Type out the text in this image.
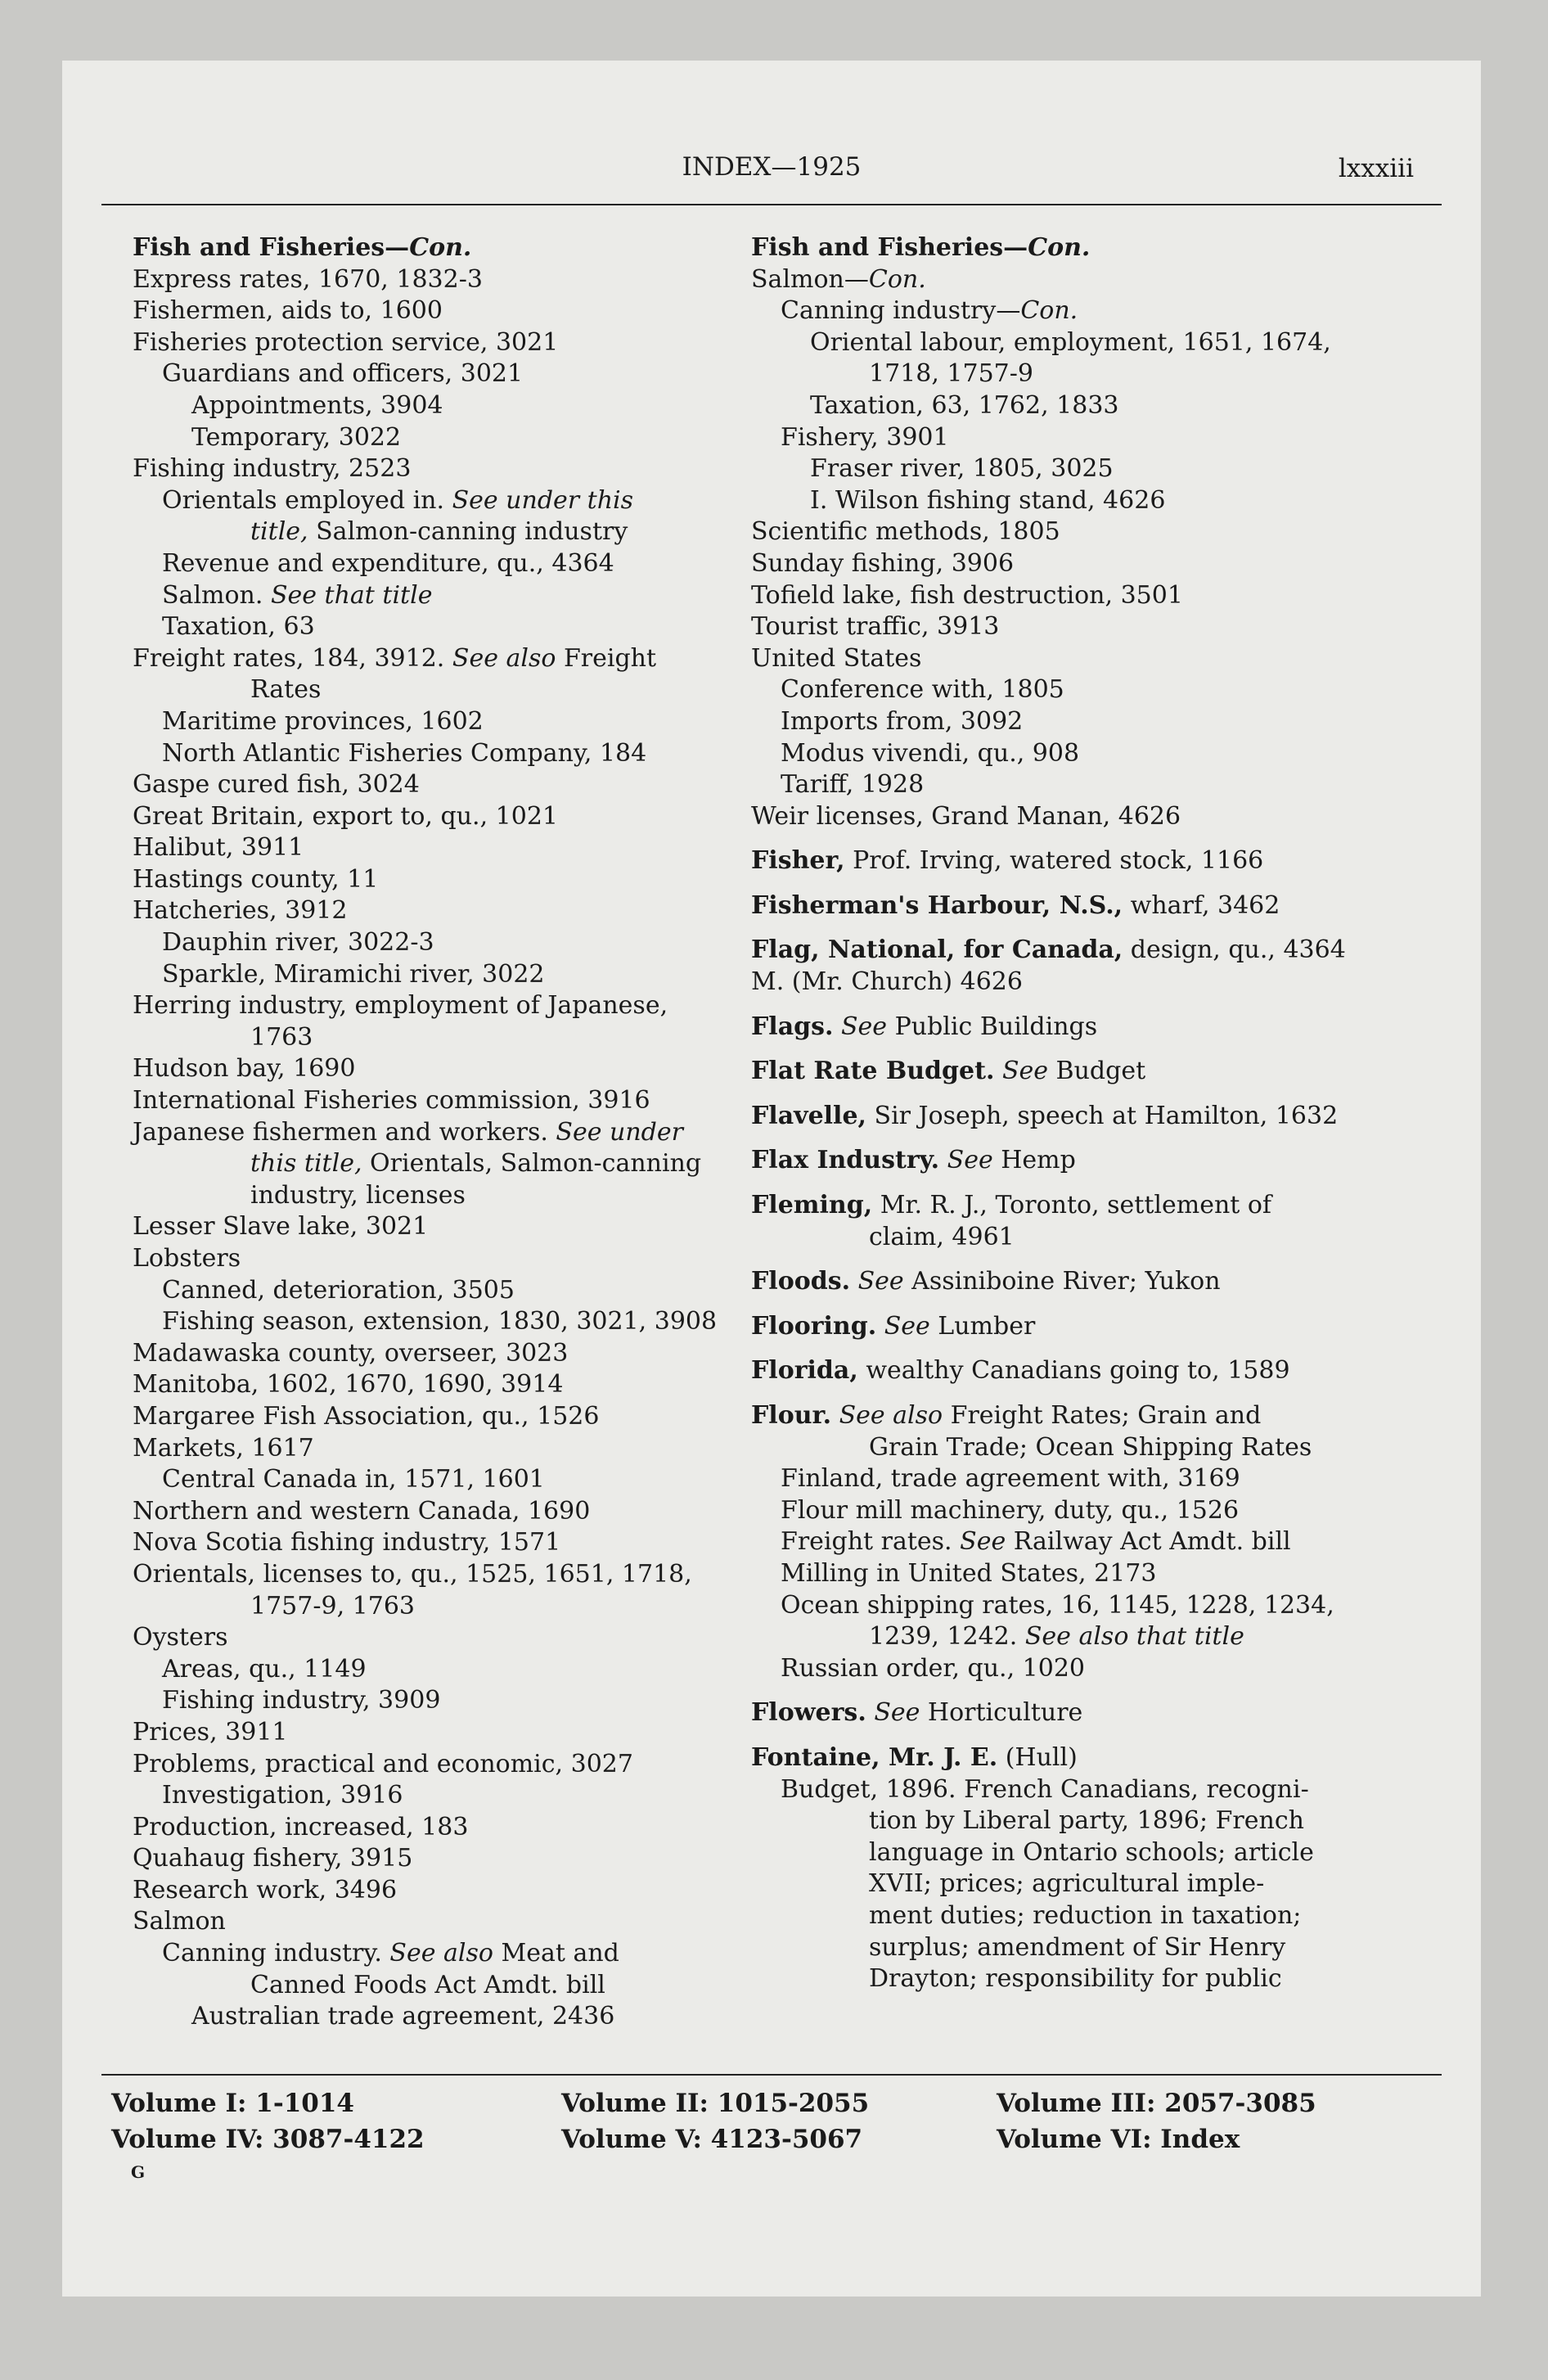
INDEX—1925	lxxxiii
Fish and Fisheries—Con.
Express rates, 1670, 1832-3
Fishermen, aids to, 1600
Fisheries protection service, 3021
Guardians and officers, 3021
Appointments, 3904
Temporary, 3022
Fishing industry, 2523
Orientals employed in. See under this
title, Salmon-canning industry
Revenue and expenditure, qu., 4364
Salmon. See that title
Taxation, 63
Freight rates, 184, 3912. See also Freight
Rates
Maritime provinces, 1602
North Atlantic Fisheries Company, 184
Gaspe cured fish, 3024
Great Britain, export to, qu., 1021
Halibut, 3911
Hastings county, 11
Hatcheries, 3912
Dauphin river, 3022-3
Sparkle, Miramichi river, 3022
Herring industry, employment of Japanese,
1763
Hudson bay, 1690
International Fisheries commission, 3916
Japanese fishermen and workers. See under
this title, Orientals, Salmon-canning
industry, licenses
Lesser Slave lake, 3021
Lobsters
Canned, deterioration, 3505
Fishing season, extension, 1830, 3021, 3908
Madawaska county, overseer, 3023
Manitoba, 1602, 1670, 1690, 3914
Margaree Fish Association, qu., 1526
Markets, 1617
Central Canada in, 1571, 1601
Northern and western Canada, 1690
Nova Scotia fishing industry, 1571
Orientals, licenses to, qu., 1525, 1651, 1718,
1757-9, 1763
Oysters
Areas, qu., 1149
Fishing industry, 3909
Prices, 3911
Problems, practical and economic, 3027
Investigation, 3916
Production, increased, 183
Quahaug fishery, 3915
Research work, 3496
Salmon
Canning industry. See also Meat and
Canned Foods Act Amdt. bill
Australian trade agreement, 2436
Fish and Fisheries—Con.
Salmon—Con.
Canning industry—Con.
Oriental labour, employment, 1651, 1674,
1718, 1757-9
Taxation, 63, 1762, 1833
Fishery, 3901
Fraser river, 1805, 3025
I. Wilson fishing stand, 4626
Scientific methods, 1805
Sunday fishing, 3906
Tofield lake, fish destruction, 3501
Tourist traffic, 3913
United States
Conference with, 1805
Imports from, 3092
Modus vivendi, qu., 908
Tariff, 1928
Weir licenses, Grand Manan, 4626
Fisher, Prof. Irving, watered stock, 1166
Fisherman's Harbour, N.S., wharf, 3462
Flag, National, for Canada, design, qu., 4364
M. (Mr. Church) 4626
Flags. See Public Buildings
Flat Rate Budget. See Budget
Flavelle, Sir Joseph, speech at Hamilton, 1632
Flax Industry. See Hemp
Fleming, Mr. R. J., Toronto, settlement of
claim, 4961
Floods. See Assiniboine River; Yukon
Flooring. See Lumber
Florida, wealthy Canadians going to, 1589
Flour. See also Freight Rates; Grain and
Grain Trade; Ocean Shipping Rates
Finland, trade agreement with, 3169
Flour mill machinery, duty, qu., 1526
Freight rates. See Railway Act Amdt. bill
Milling in United States, 2173
Ocean shipping rates, 16, 1145, 1228, 1234,
1239, 1242. See also that title
Russian order, qu., 1020
Flowers. See Horticulture
Fontaine, Mr. J. E. (Hull)
Budget, 1896. French Canadians, recogni-
tion by Liberal party, 1896; French
language in Ontario schools; article
XVII; prices; agricultural imple-
ment duties; reduction in taxation;
surplus; amendment of Sir Henry
Drayton; responsibility for public
Volume I: 1-1014	Volume II: 1015-2055	Volume III: 2057-3085
Volume IV: 3087-4122	Volume V: 4123-5067	Volume VI: Index
G
